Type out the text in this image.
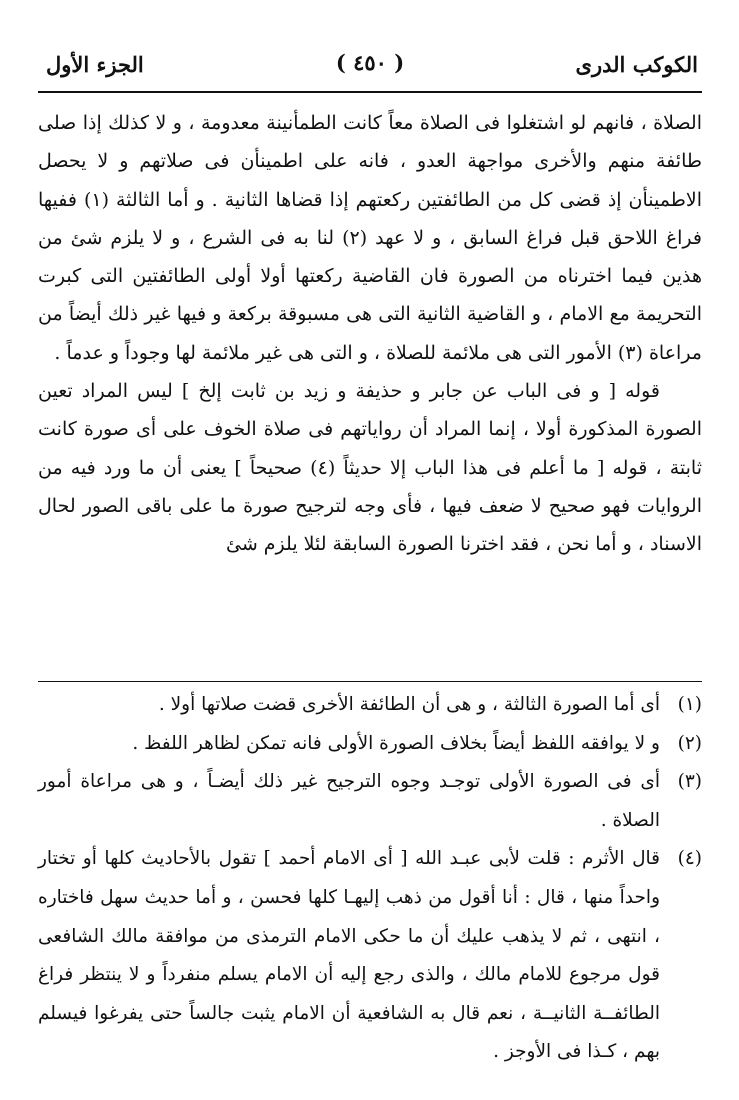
الكوكب الدرى
( ٤٥٠ )
الجزء الأول

الصلاة ، فانهم لو اشتغلوا فى الصلاة معاً كانت الطمأنينة معدومة ، و لا كذلك إذا صلى طائفة منهم والأخرى مواجهة العدو ، فانه على اطمينأن فى صلاتهم و لا يحصل الاطمينأن إذ قضى كل من الطائفتين ركعتهم إذا قضاها الثانية . و أما الثالثة (١) ففيها فراغ اللاحق قبل فراغ السابق ، و لا عهد (٢) لنا به فى الشرع ، و لا يلزم شئ من هذين فيما اخترناه من الصورة فان القاضية ركعتها أولا أولى الطائفتين التى كبرت التحريمة مع الامام ، و القاضية الثانية التى هى مسبوقة بركعة و فيها غير ذلك أيضاً من مراعاة (٣) الأمور التى هى ملائمة للصلاة ، و التى هى غير ملائمة لها وجوداً و عدماً .

قوله [ و فى الباب عن جابر و حذيفة و زيد بن ثابت إلخ ] ليس المراد تعين الصورة المذكورة أولا ، إنما المراد أن رواياتهم فى صلاة الخوف على أى صورة كانت ثابتة ، قوله [ ما أعلم فى هذا الباب إلا حديثاً (٤) صحيحاً ] يعنى أن ما ورد فيه من الروايات فهو صحيح لا ضعف فيها ، فأى وجه لترجيح صورة ما على باقى الصور لحال الاسناد ، و أما نحن ، فقد اخترنا الصورة السابقة لئلا يلزم شئ

(١)
أى أما الصورة الثالثة ، و هى أن الطائفة الأخرى قضت صلاتها أولا .
(٢)
و لا يوافقه اللفظ أيضاً بخلاف الصورة الأولى فانه تمكن لظاهر اللفظ .
(٣)
أى فى الصورة الأولى توجـد وجوه الترجيح غير ذلك أيضـاً ، و هى مراعاة أمور الصلاة .
(٤)
قال الأثرم : قلت لأبى عبـد الله [ أى الامام أحمد ] تقول بالأحاديث كلها أو تختار واحداً منها ، قال : أنا أقول من ذهب إليهـا كلها فحسن ، و أما حديث سهل فاختاره ، انتهى ، ثم لا يذهب عليك أن ما حكى الامام الترمذى من موافقة مالك الشافعى قول مرجوع للامام مالك ، والذى رجع إليه أن الامام يسلم منفرداً و لا ينتظر فراغ الطائفــة الثانيــة ، نعم قال به الشافعية أن الامام يثبت جالساً حتى يفرغوا فيسلم بهم ، كـذا فى الأوجز .
